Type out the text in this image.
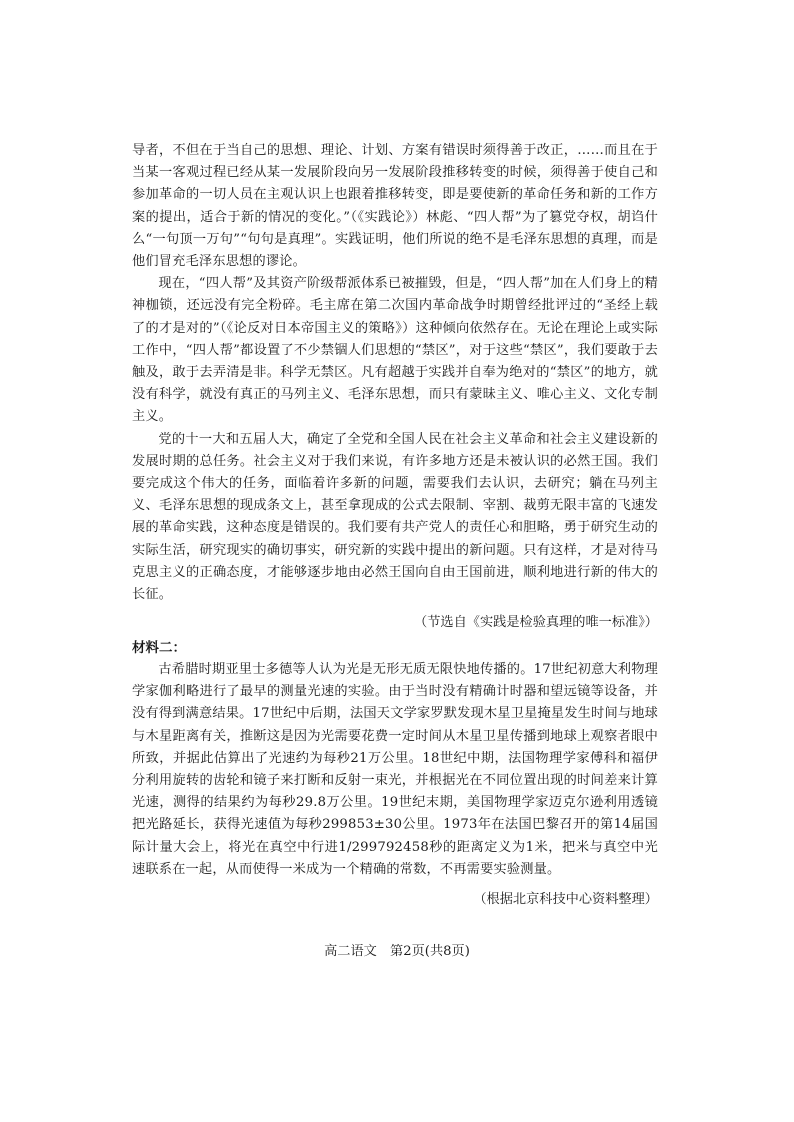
导者，不但在于当自己的思想、理论、计划、方案有错误时须得善于改正，……而且在于当某一客观过程已经从某一发展阶段向另一发展阶段推移转变的时候，须得善于使自己和参加革命的一切人员在主观认识上也跟着推移转变，即是要使新的革命任务和新的工作方案的提出，适合于新的情况的变化。”（《实践论》）林彪、“四人帮”为了篡党夺权，胡诌什么“一句顶一万句”“句句是真理”。实践证明，他们所说的绝不是毛泽东思想的真理，而是他们冒充毛泽东思想的谬论。

现在，“四人帮”及其资产阶级帮派体系已被摧毁，但是，“四人帮”加在人们身上的精神枷锁，还远没有完全粉碎。毛主席在第二次国内革命战争时期曾经批评过的“圣经上载了的才是对的”（《论反对日本帝国主义的策略》）这种倾向依然存在。无论在理论上或实际工作中，“四人帮”都设置了不少禁锢人们思想的“禁区”，对于这些“禁区”，我们要敢于去触及，敢于去弄清是非。科学无禁区。凡有超越于实践并自奉为绝对的“禁区”的地方，就没有科学，就没有真正的马列主义、毛泽东思想，而只有蒙昧主义、唯心主义、文化专制主义。

党的十一大和五届人大，确定了全党和全国人民在社会主义革命和社会主义建设新的发展时期的总任务。社会主义对于我们来说，有许多地方还是未被认识的必然王国。我们要完成这个伟大的任务，面临着许多新的问题，需要我们去认识，去研究；躺在马列主义、毛泽东思想的现成条文上，甚至拿现成的公式去限制、宰割、裁剪无限丰富的飞速发展的革命实践，这种态度是错误的。我们要有共产党人的责任心和胆略，勇于研究生动的实际生活，研究现实的确切事实，研究新的实践中提出的新问题。只有这样，才是对待马克思主义的正确态度，才能够逐步地由必然王国向自由王国前进，顺利地进行新的伟大的长征。

（节选自《实践是检验真理的唯一标准》）

材料二：

古希腊时期亚里士多德等人认为光是无形无质无限快地传播的。17世纪初意大利物理学家伽利略进行了最早的测量光速的实验。由于当时没有精确计时器和望远镜等设备，并没有得到满意结果。17世纪中后期，法国天文学家罗默发现木星卫星掩星发生时间与地球与木星距离有关，推断这是因为光需要花费一定时间从木星卫星传播到地球上观察者眼中所致，并据此估算出了光速约为每秒21万公里。18世纪中期，法国物理学家傅科和福伊分利用旋转的齿轮和镜子来打断和反射一束光，并根据光在不同位置出现的时间差来计算光速，测得的结果约为每秒29.8万公里。19世纪末期，美国物理学家迈克尔逊利用透镜把光路延长，获得光速值为每秒299853±30公里。1973年在法国巴黎召开的第14届国际计量大会上，将光在真空中行进1/299792458秒的距离定义为1米，把米与真空中光速联系在一起，从而使得一米成为一个精确的常数，不再需要实验测量。

（根据北京科技中心资料整理）

高二语文　第2页(共8页)
